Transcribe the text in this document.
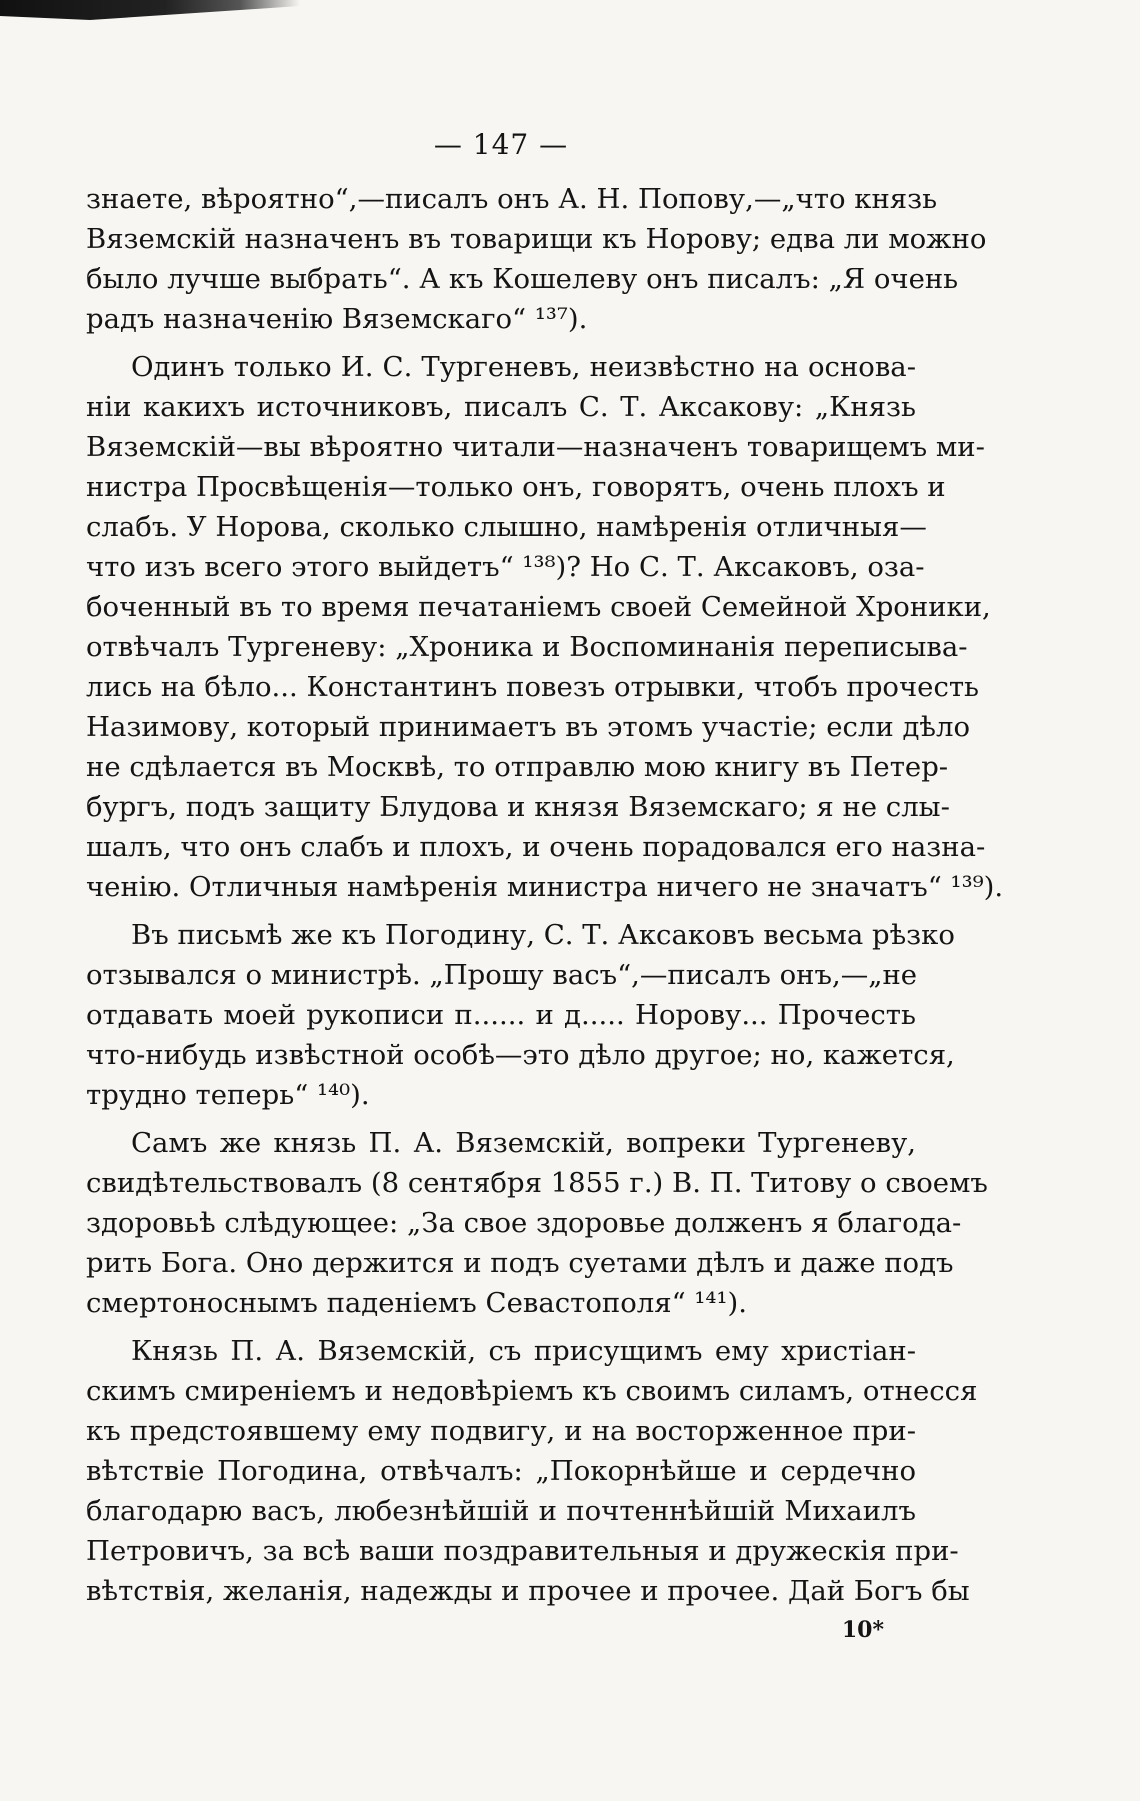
— 147 —
знаете, вѣроятно“,—писалъ онъ А. Н. Попову,—„что князь
Вяземскій назначенъ въ товарищи къ Норову; едва ли можно
было лучше выбрать“. А къ Кошелеву онъ писалъ: „Я очень
радъ назначенію Вяземскаго“ ¹³⁷).
Одинъ только И. С. Тургеневъ, неизвѣстно на основа-
ніи какихъ источниковъ, писалъ С. Т. Аксакову: „Князь
Вяземскій—вы вѣроятно читали—назначенъ товарищемъ ми-
нистра Просвѣщенія—только онъ, говорятъ, очень плохъ и
слабъ. У Норова, сколько слышно, намѣренія отличныя—
что изъ всего этого выйдетъ“ ¹³⁸)? Но С. Т. Аксаковъ, оза-
боченный въ то время печатаніемъ своей Семейной Хроники,
отвѣчалъ Тургеневу: „Хроника и Воспоминанія переписыва-
лись на бѣло... Константинъ повезъ отрывки, чтобъ прочесть
Назимову, который принимаетъ въ этомъ участіе; если дѣло
не сдѣлается въ Москвѣ, то отправлю мою книгу въ Петер-
бургъ, подъ защиту Блудова и князя Вяземскаго; я не слы-
шалъ, что онъ слабъ и плохъ, и очень порадовался его назна-
ченію. Отличныя намѣренія министра ничего не значатъ“ ¹³⁹).
Въ письмѣ же къ Погодину, С. Т. Аксаковъ весьма рѣзко
отзывался о министрѣ. „Прошу васъ“,—писалъ онъ,—„не
отдавать моей рукописи п...... и д..... Норову... Прочесть
что-нибудь извѣстной особѣ—это дѣло другое; но, кажется,
трудно теперь“ ¹⁴⁰).
Самъ же князь П. А. Вяземскій, вопреки Тургеневу,
свидѣтельствовалъ (8 сентября 1855 г.) В. П. Титову о своемъ
здоровьѣ слѣдующее: „За свое здоровье долженъ я благода-
рить Бога. Оно держится и подъ суетами дѣлъ и даже подъ
смертоноснымъ паденіемъ Севастополя“ ¹⁴¹).
Князь П. А. Вяземскій, съ присущимъ ему христіан-
скимъ смиреніемъ и недовѣріемъ къ своимъ силамъ, отнесся
къ предстоявшему ему подвигу, и на восторженное при-
вѣтствіе Погодина, отвѣчалъ: „Покорнѣйше и сердечно
благодарю васъ, любезнѣйшій и почтеннѣйшій Михаилъ
Петровичъ, за всѣ ваши поздравительныя и дружескія при-
вѣтствія, желанія, надежды и прочее и прочее. Дай Богъ бы
10*
